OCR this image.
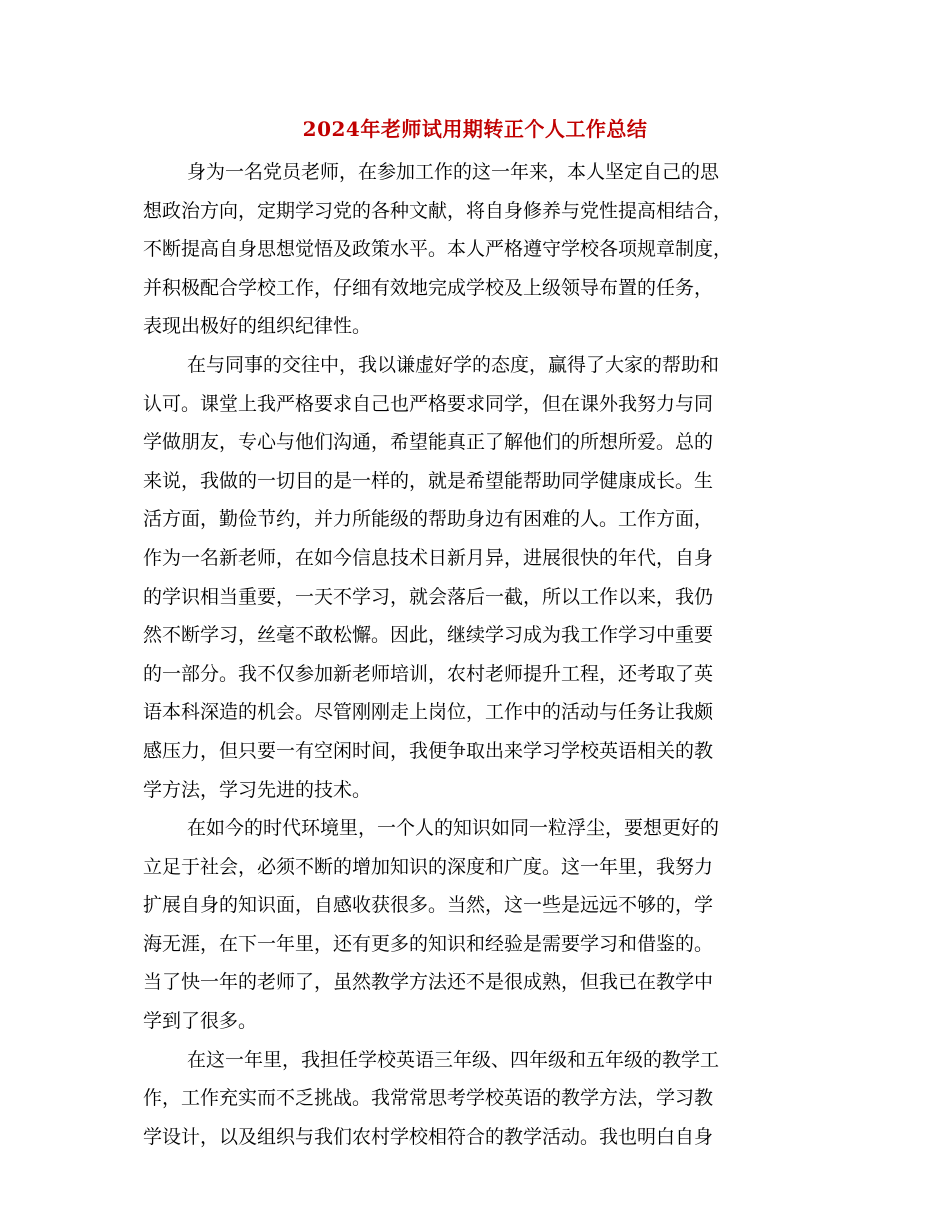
2024年老师试用期转正个人工作总结
身为一名党员老师，在参加工作的这一年来，本人坚定自己的思
想政治方向，定期学习党的各种文献，将自身修养与党性提高相结合，
不断提高自身思想觉悟及政策水平。本人严格遵守学校各项规章制度，
并积极配合学校工作，仔细有效地完成学校及上级领导布置的任务，
表现出极好的组织纪律性。
在与同事的交往中，我以谦虚好学的态度，赢得了大家的帮助和
认可。课堂上我严格要求自己也严格要求同学，但在课外我努力与同
学做朋友，专心与他们沟通，希望能真正了解他们的所想所爱。总的
来说，我做的一切目的是一样的，就是希望能帮助同学健康成长。生
活方面，勤俭节约，并力所能级的帮助身边有困难的人。工作方面，
作为一名新老师，在如今信息技术日新月异，进展很快的年代，自身
的学识相当重要，一天不学习，就会落后一截，所以工作以来，我仍
然不断学习，丝毫不敢松懈。因此，继续学习成为我工作学习中重要
的一部分。我不仅参加新老师培训，农村老师提升工程，还考取了英
语本科深造的机会。尽管刚刚走上岗位，工作中的活动与任务让我颇
感压力，但只要一有空闲时间，我便争取出来学习学校英语相关的教
学方法，学习先进的技术。
在如今的时代环境里，一个人的知识如同一粒浮尘，要想更好的
立足于社会，必须不断的增加知识的深度和广度。这一年里，我努力
扩展自身的知识面，自感收获很多。当然，这一些是远远不够的，学
海无涯，在下一年里，还有更多的知识和经验是需要学习和借鉴的。
当了快一年的老师了，虽然教学方法还不是很成熟，但我已在教学中
学到了很多。
在这一年里，我担任学校英语三年级、四年级和五年级的教学工
作，工作充实而不乏挑战。我常常思考学校英语的教学方法，学习教
学设计，以及组织与我们农村学校相符合的教学活动。我也明白自身
